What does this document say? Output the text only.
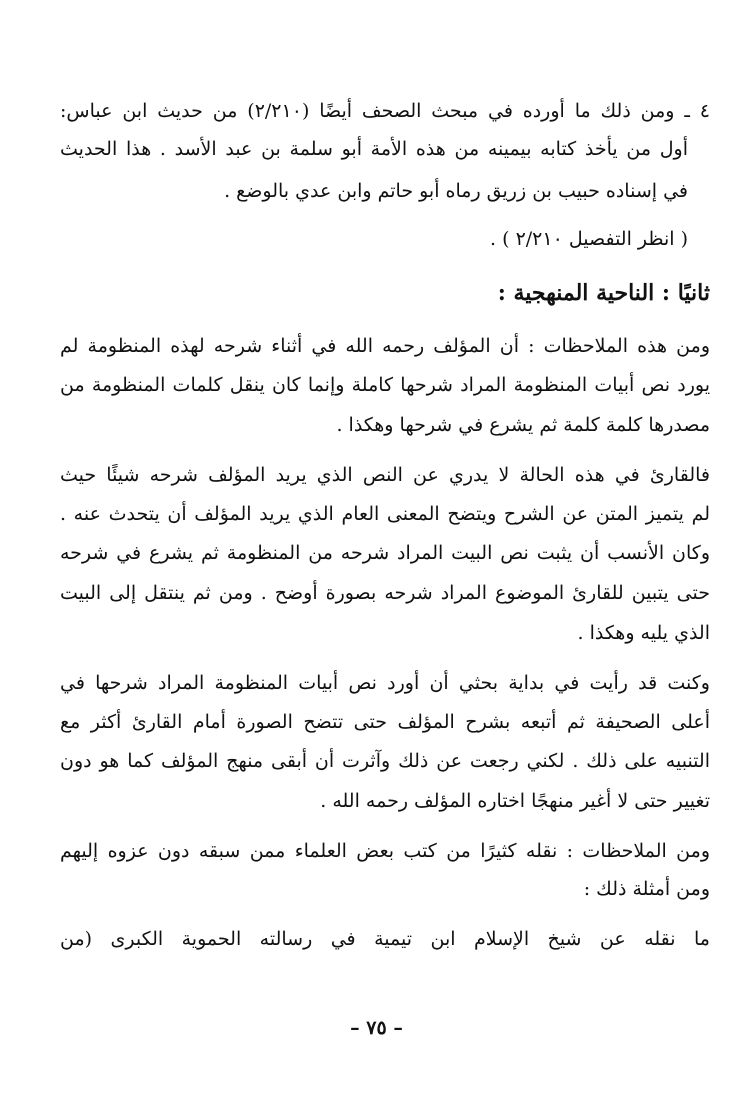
٤ ـ ومن ذلك ما أورده في مبحث الصحف أيضًا (٢/٢١٠) من حديث ابن عباس:
أول من يأخذ كتابه بيمينه من هذه الأمة أبو سلمة بن عبد الأسد . هذا الحديث
في إسناده حبيب بن زريق رماه أبو حاتم وابن عدي بالوضع .
( انظر التفصيل ٢/٢١٠ ) .
ثانيًا : الناحية المنهجية :
ومن هذه الملاحظات : أن المؤلف رحمه الله في أثناء شرحه لهذه المنظومة لم
يورد نص أبيات المنظومة المراد شرحها كاملة وإنما كان ينقل كلمات المنظومة من
مصدرها كلمة كلمة ثم يشرع في شرحها وهكذا .
فالقارئ في هذه الحالة لا يدري عن النص الذي يريد المؤلف شرحه شيئًا حيث
لم يتميز المتن عن الشرح ويتضح المعنى العام الذي يريد المؤلف أن يتحدث عنه .
وكان الأنسب أن يثبت نص البيت المراد شرحه من المنظومة ثم يشرع في شرحه
حتى يتبين للقارئ الموضوع المراد شرحه بصورة أوضح . ومن ثم ينتقل إلى البيت
الذي يليه وهكذا .
وكنت قد رأيت في بداية بحثي أن أورد نص أبيات المنظومة المراد شرحها في
أعلى الصحيفة ثم أتبعه بشرح المؤلف حتى تتضح الصورة أمام القارئ أكثر مع
التنبيه على ذلك . لكني رجعت عن ذلك وآثرت أن أبقى منهج المؤلف كما هو دون
تغيير حتى لا أغير منهجًا اختاره المؤلف رحمه الله .
ومن الملاحظات : نقله كثيرًا من كتب بعض العلماء ممن سبقه دون عزوه إليهم
ومن أمثلة ذلك :
ما نقله عن شيخ الإسلام ابن تيمية في رسالته الحموية الكبرى (من
– ٧٥ –
